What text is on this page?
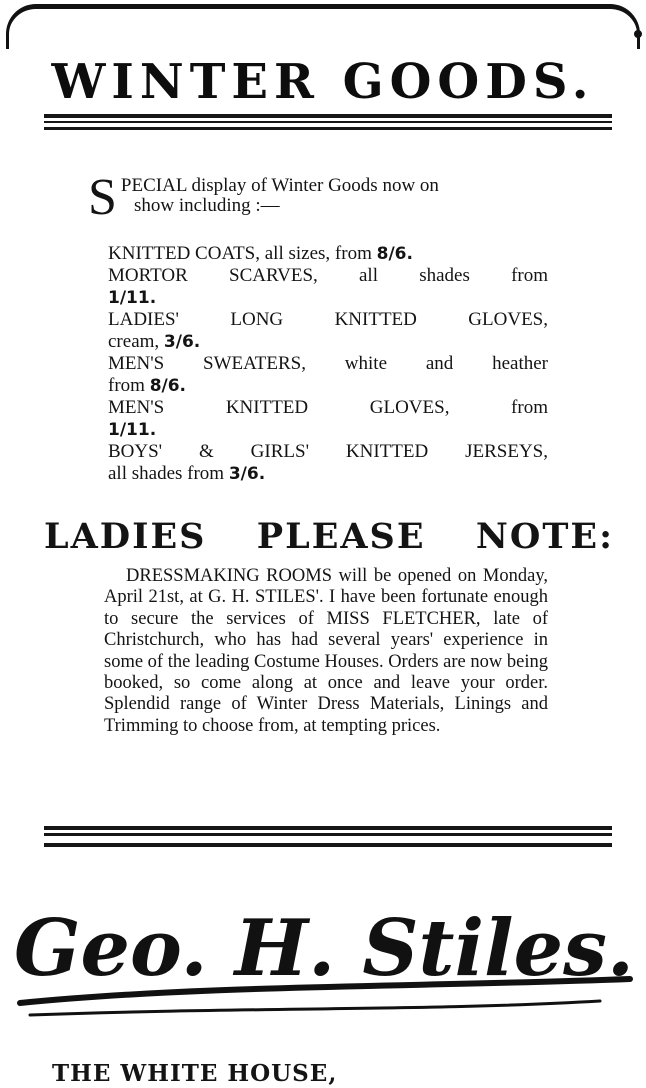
WINTER GOODS.
S PECIAL display of Winter Goods now on
show including :—
KNITTED COATS, all sizes, from 8/6.
MORTOR SCARVES, all shades from
1/11.
LADIES' LONG KNITTED GLOVES,
cream, 3/6.
MEN'S SWEATERS, white and heather
from 8/6.
MEN'S KNITTED GLOVES, from
1/11.
BOYS' & GIRLS' KNITTED JERSEYS,
all shades from 3/6.
LADIES PLEASE NOTE:
DRESSMAKING ROOMS will be opened on Monday, April 21st, at G. H. STILES'. I have been fortunate enough to secure the services of MISS FLETCHER, late of Christchurch, who has had several years' experience in some of the leading Costume Houses. Orders are now being booked, so come along at once and leave your order. Splendid range of Winter Dress Materials, Linings and Trimming to choose from, at tempting prices.
Geo. H. Stiles.
THE WHITE HOUSE,
